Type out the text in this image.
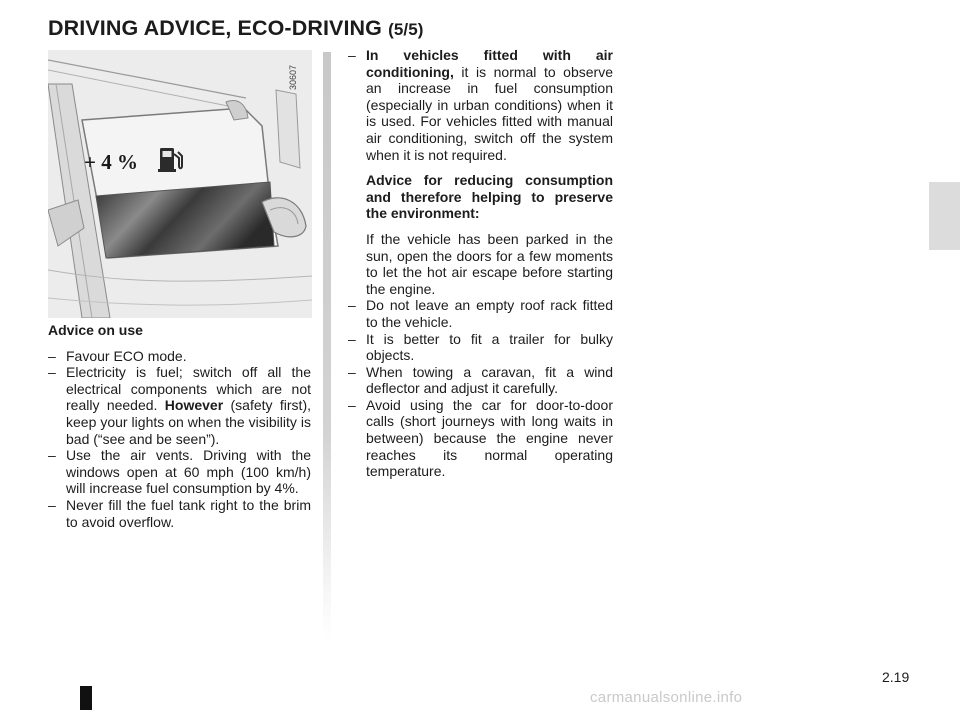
DRIVING ADVICE, ECO-DRIVING (5/5)
30607
+ 4 %

Advice on use

– Favour ECO mode.
– Electricity is fuel; switch off all the electrical components which are not really needed. However (safety first), keep your lights on when the visibility is bad (“see and be seen”).
– Use the air vents. Driving with the windows open at 60 mph (100 km/h) will increase fuel consumption by 4%.
– Never fill the fuel tank right to the brim to avoid overflow.
– In vehicles fitted with air conditioning, it is normal to observe an increase in fuel consumption (especially in urban conditions) when it is used. For vehicles fitted with manual air conditioning, switch off the system when it is not required.

Advice for reducing consumption and therefore helping to preserve the environment:

If the vehicle has been parked in the sun, open the doors for a few moments to let the hot air escape before starting the engine.

– Do not leave an empty roof rack fitted to the vehicle.
– It is better to fit a trailer for bulky objects.
– When towing a caravan, fit a wind deflector and adjust it carefully.
– Avoid using the car for door-to-door calls (short journeys with long waits in between) because the engine never reaches its normal operating temperature.
2.19
carmanualsonline.info
